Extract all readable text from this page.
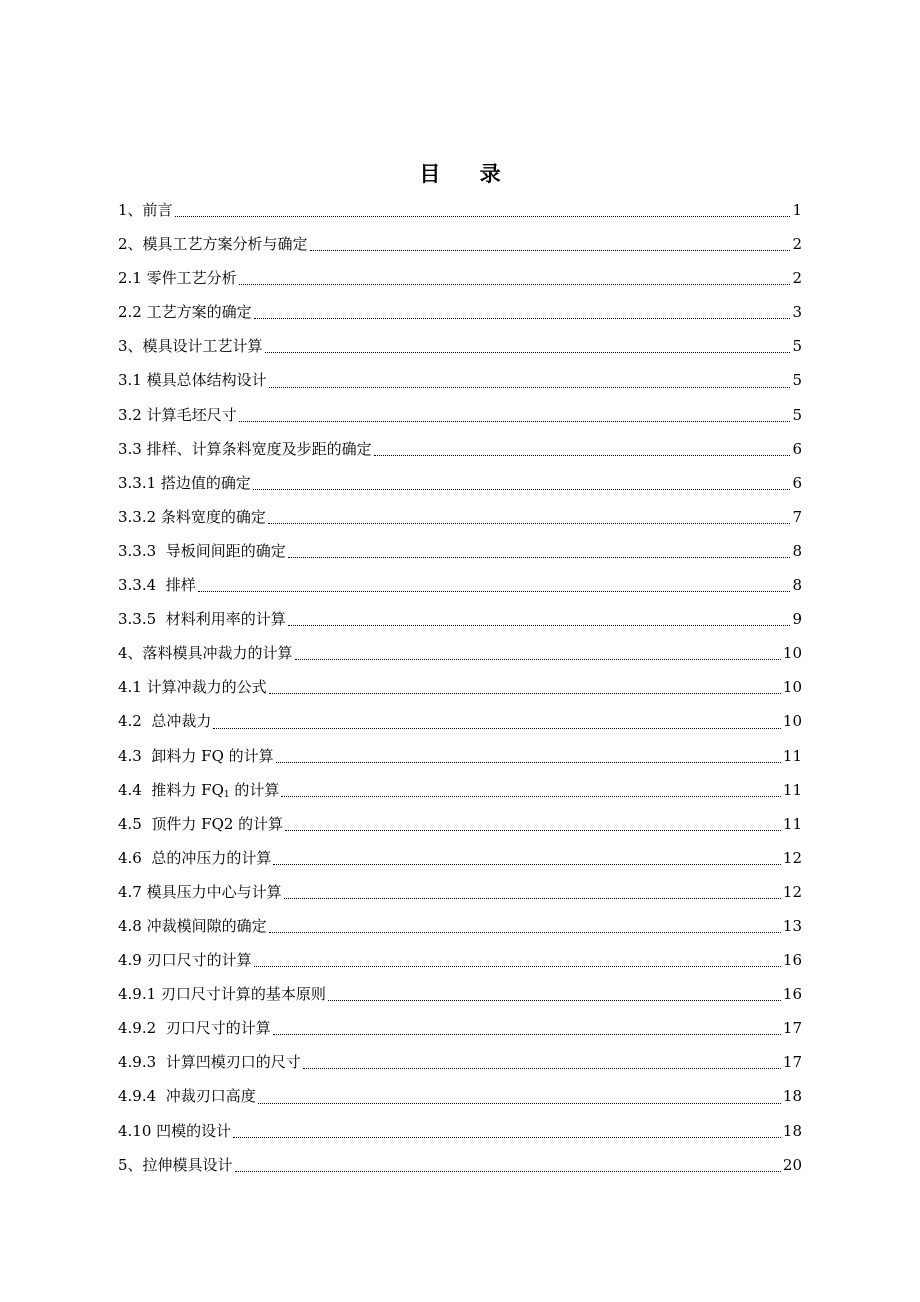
目 录
1、前言	1
2、模具工艺方案分析与确定	2
2.1 零件工艺分析	2
2.2 工艺方案的确定	3
3、模具设计工艺计算	5
3.1 模具总体结构设计	5
3.2 计算毛坯尺寸	5
3.3 排样、计算条料宽度及步距的确定	6
3.3.1 搭边值的确定	6
3.3.2 条料宽度的确定	7
3.3.3  导板间间距的确定	8
3.3.4  排样	8
3.3.5  材料利用率的计算	9
4、落料模具冲裁力的计算	10
4.1 计算冲裁力的公式	10
4.2  总冲裁力	10
4.3  卸料力 FQ 的计算	11
4.4  推料力 $FQ_1$ 的计算	11
4.5  顶件力 FQ2 的计算	11
4.6  总的冲压力的计算	12
4.7 模具压力中心与计算	12
4.8 冲裁模间隙的确定	13
4.9 刃口尺寸的计算	16
4.9.1 刃口尺寸计算的基本原则	16
4.9.2  刃口尺寸的计算	17
4.9.3  计算凹模刃口的尺寸	17
4.9.4  冲裁刃口高度	18
4.10 凹模的设计	18
5、拉伸模具设计	20
